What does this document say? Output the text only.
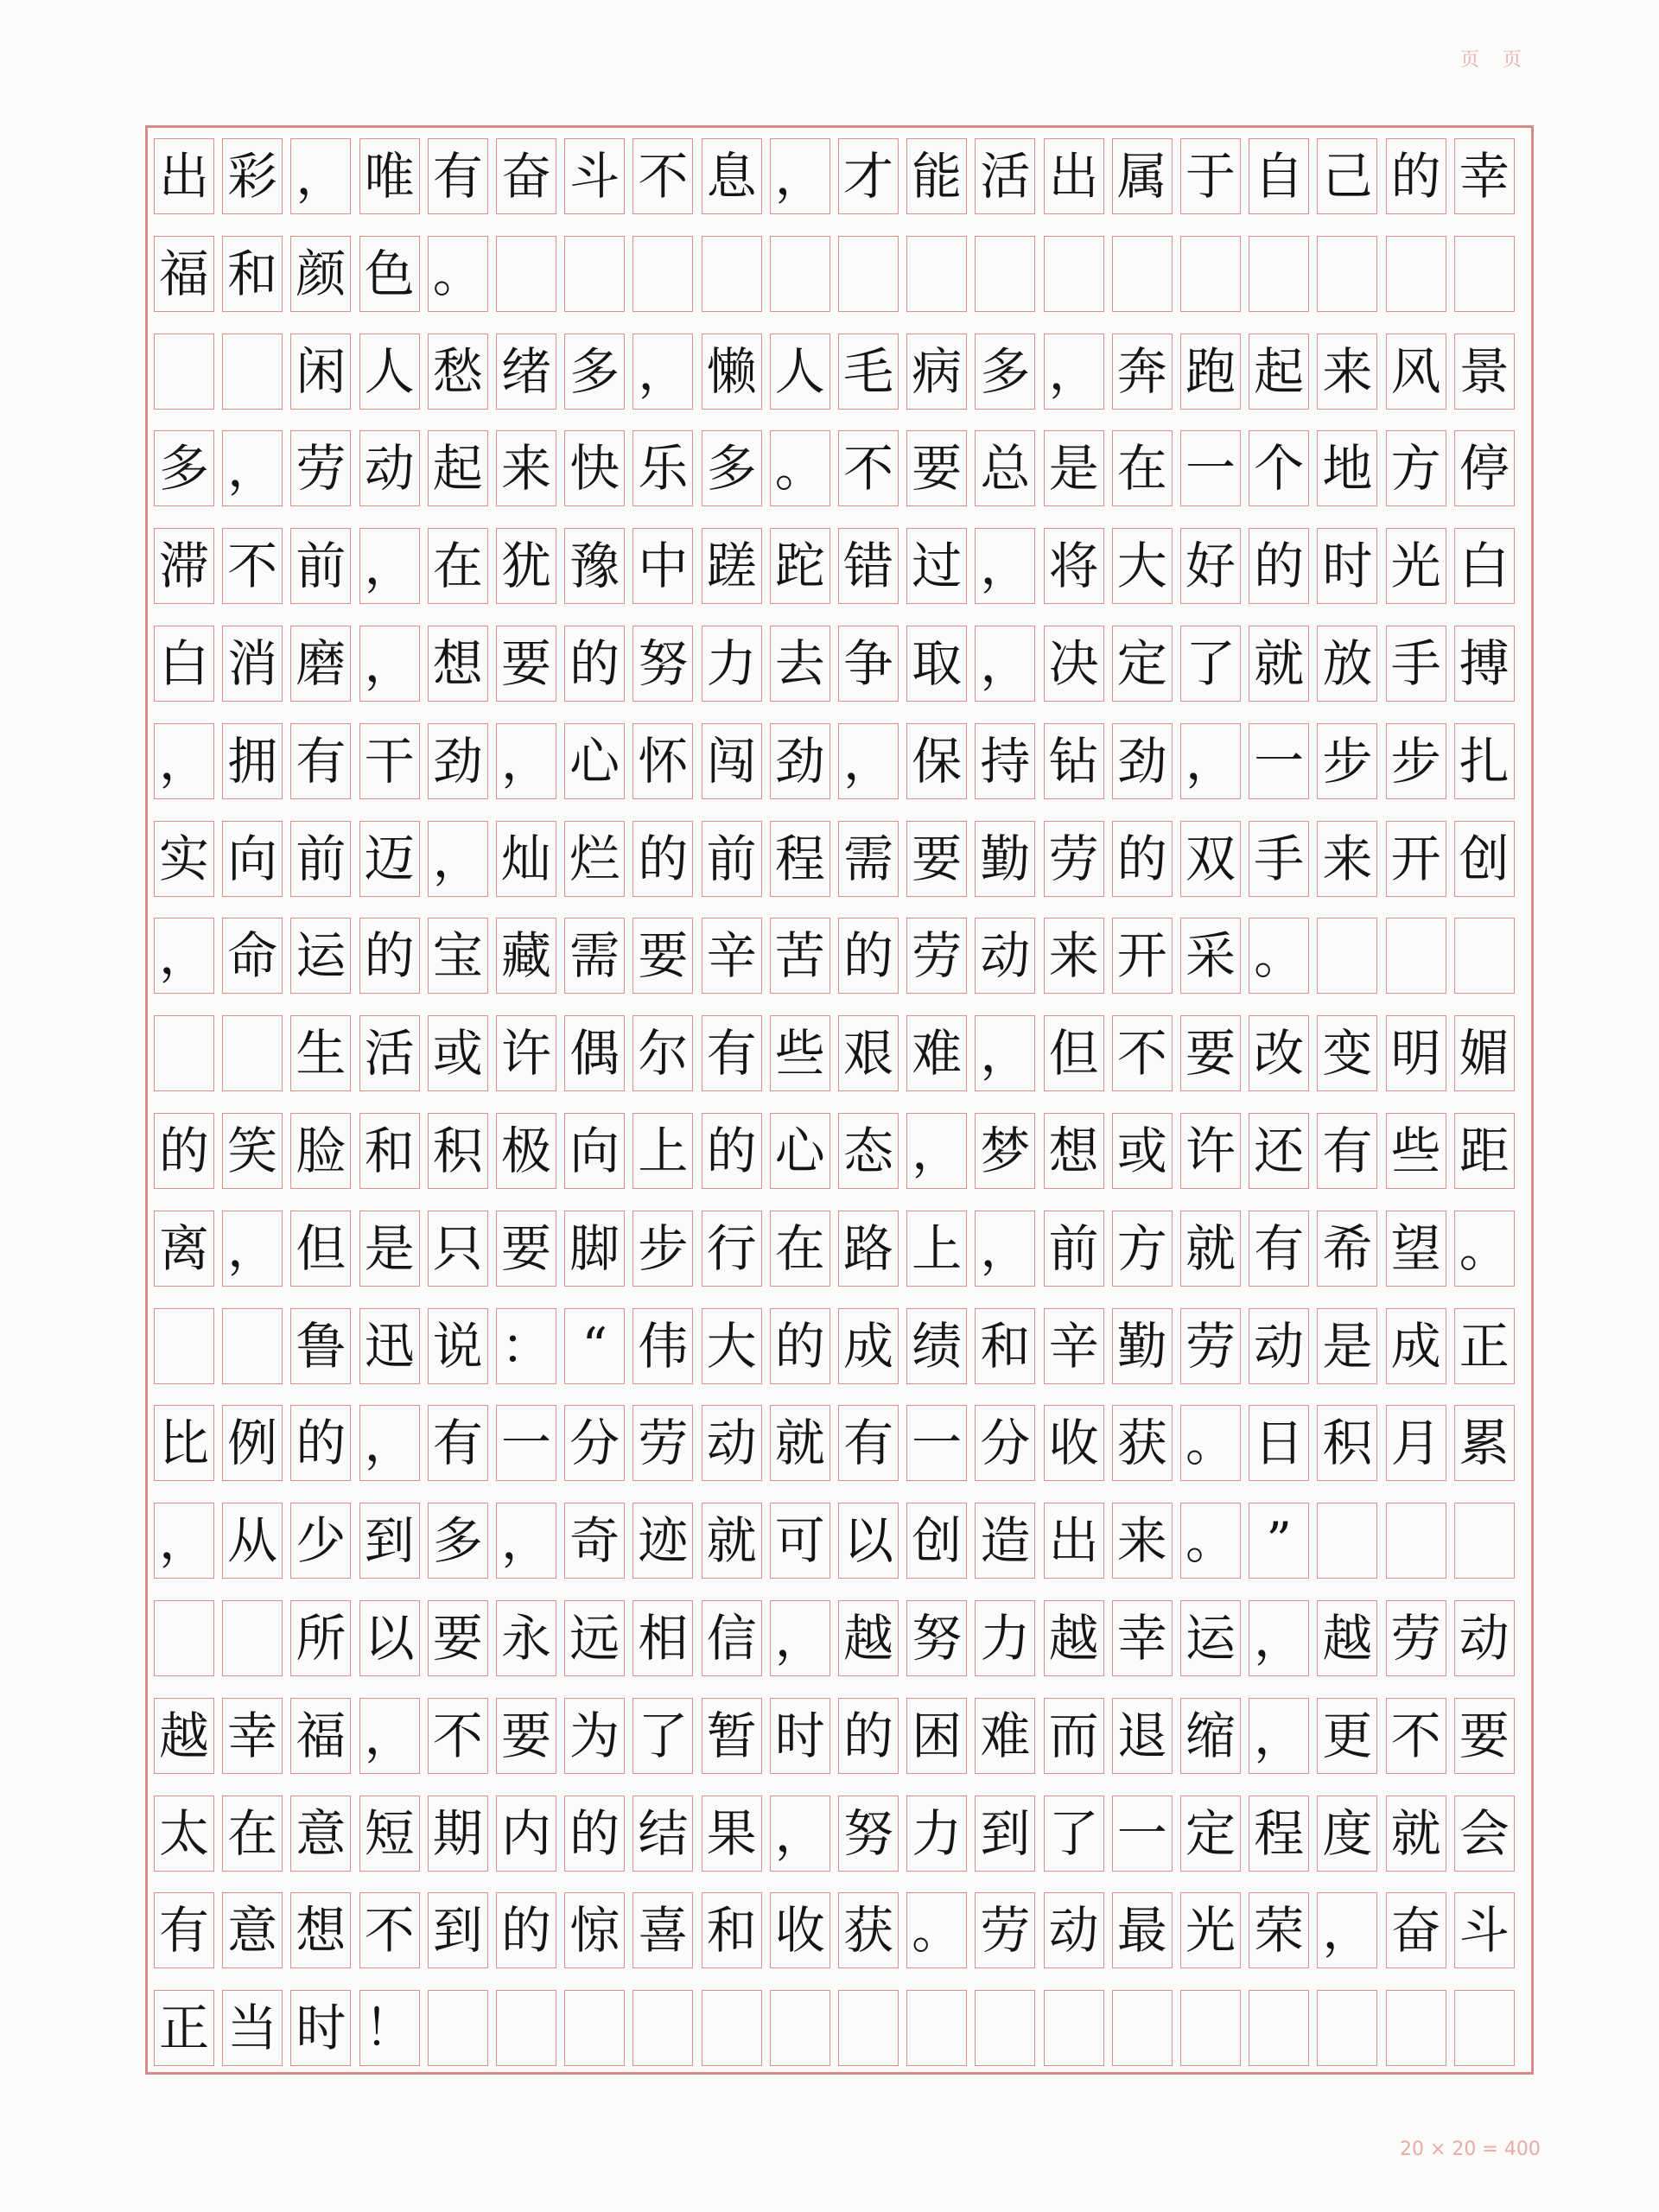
页 页
出 彩 ， 唯 有 奋 斗 不 息 ， 才 能 活 出 属 于 自 己 的 幸
福 和 颜 色 。
闲 人 愁 绪 多 ， 懒 人 毛 病 多 ， 奔 跑 起 来 风 景
多 ， 劳 动 起 来 快 乐 多 。 不 要 总 是 在 一 个 地 方 停
滞 不 前 ， 在 犹 豫 中 蹉 跎 错 过 ， 将 大 好 的 时 光 白
白 消 磨 ， 想 要 的 努 力 去 争 取 ， 决 定 了 就 放 手 搏
， 拥 有 干 劲 ， 心 怀 闯 劲 ， 保 持 钻 劲 ， 一 步 步 扎
实 向 前 迈 ， 灿 烂 的 前 程 需 要 勤 劳 的 双 手 来 开 创
， 命 运 的 宝 藏 需 要 辛 苦 的 劳 动 来 开 采 。
生 活 或 许 偶 尔 有 些 艰 难 ， 但 不 要 改 变 明 媚
的 笑 脸 和 积 极 向 上 的 心 态 ， 梦 想 或 许 还 有 些 距
离 ， 但 是 只 要 脚 步 行 在 路 上 ， 前 方 就 有 希 望 。
鲁 迅 说 ： “ 伟 大 的 成 绩 和 辛 勤 劳 动 是 成 正
比 例 的 ， 有 一 分 劳 动 就 有 一 分 收 获 。 日 积 月 累
， 从 少 到 多 ， 奇 迹 就 可 以 创 造 出 来 。 ”
所 以 要 永 远 相 信 ， 越 努 力 越 幸 运 ， 越 劳 动
越 幸 福 ， 不 要 为 了 暂 时 的 困 难 而 退 缩 ， 更 不 要
太 在 意 短 期 内 的 结 果 ， 努 力 到 了 一 定 程 度 就 会
有 意 想 不 到 的 惊 喜 和 收 获 。 劳 动 最 光 荣 ， 奋 斗
正 当 时 ！
20 × 20 = 400
